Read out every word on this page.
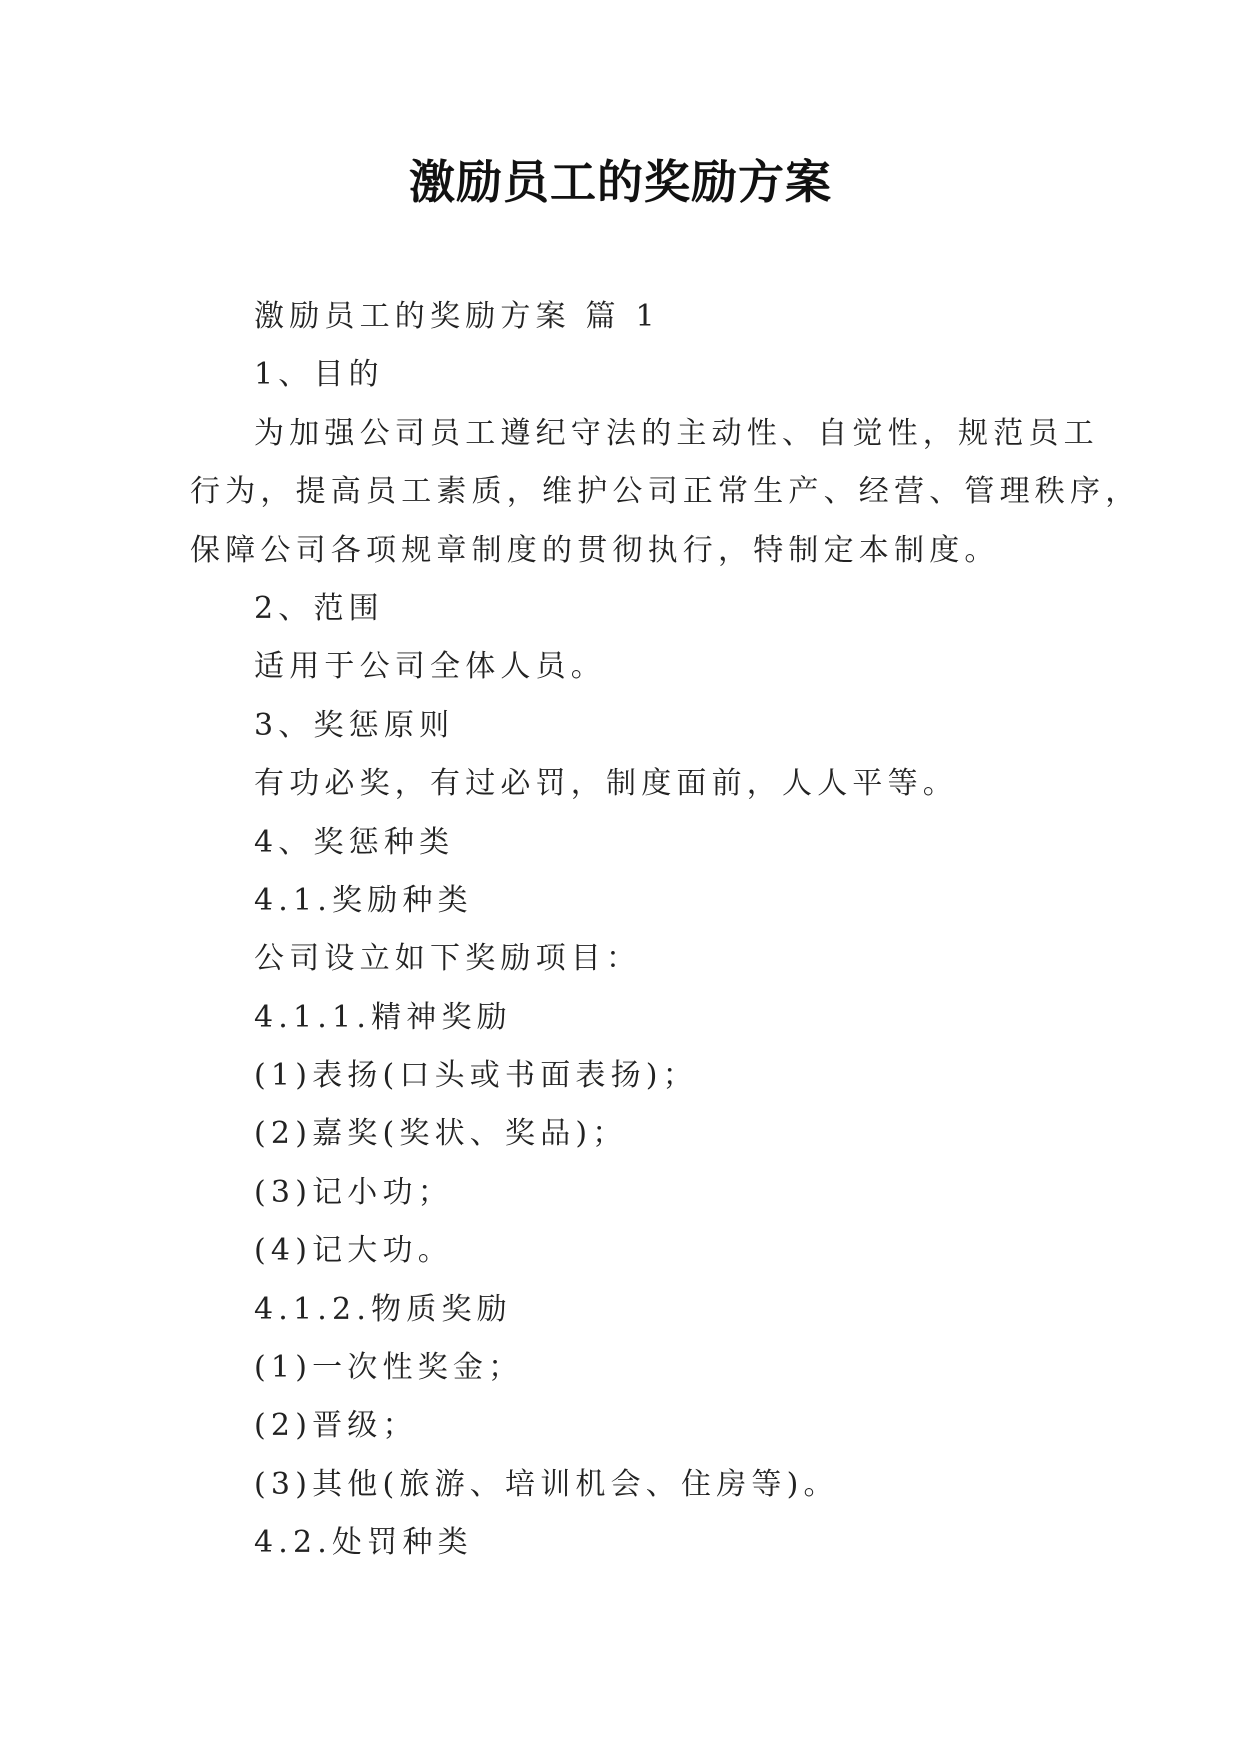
激励员工的奖励方案

激励员工的奖励方案 篇 1

1、目的

为加强公司员工遵纪守法的主动性、自觉性，规范员工

行为，提高员工素质，维护公司正常生产、经营、管理秩序，

保障公司各项规章制度的贯彻执行，特制定本制度。

2、范围

适用于公司全体人员。

3、奖惩原则

有功必奖，有过必罚，制度面前，人人平等。

4、奖惩种类

4.1.奖励种类

公司设立如下奖励项目：

4.1.1.精神奖励

(1)表扬(口头或书面表扬)；

(2)嘉奖(奖状、奖品)；

(3)记小功；

(4)记大功。

4.1.2.物质奖励

(1)一次性奖金；

(2)晋级；

(3)其他(旅游、培训机会、住房等)。

4.2.处罚种类
